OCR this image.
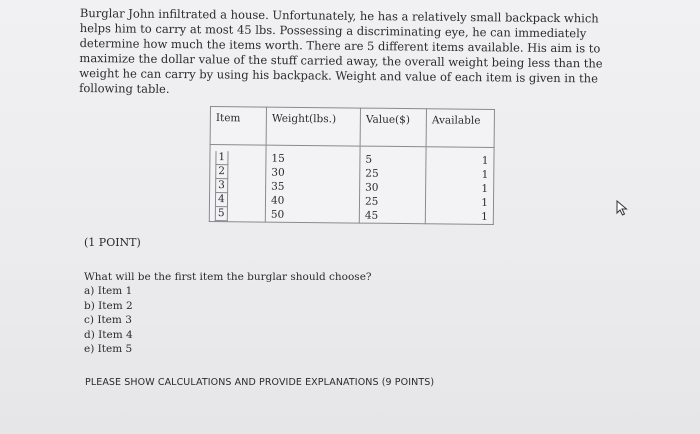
Burglar John infiltrated a house. Unfortunately, he has a relatively small backpack which helps him to carry at most 45 lbs. Possessing a discriminating eye, he can immediately determine how much the items worth. There are 5 different items available. His aim is to maximize the dollar value of the stuff carried away, the overall weight being less than the weight he can carry by using his backpack. Weight and value of each item is given in the following table.

Item	Weight(lbs.)	Value($)	Available
1	15	5	1
2	30	25	1
3	35	30	1
4	40	25	1
5	50	45	1

(1 POINT)

What will be the first item the burglar should choose?

a) Item 1
b) Item 2
c) Item 3
d) Item 4
e) Item 5

PLEASE SHOW CALCULATIONS AND PROVIDE EXPLANATIONS (9 POINTS)
